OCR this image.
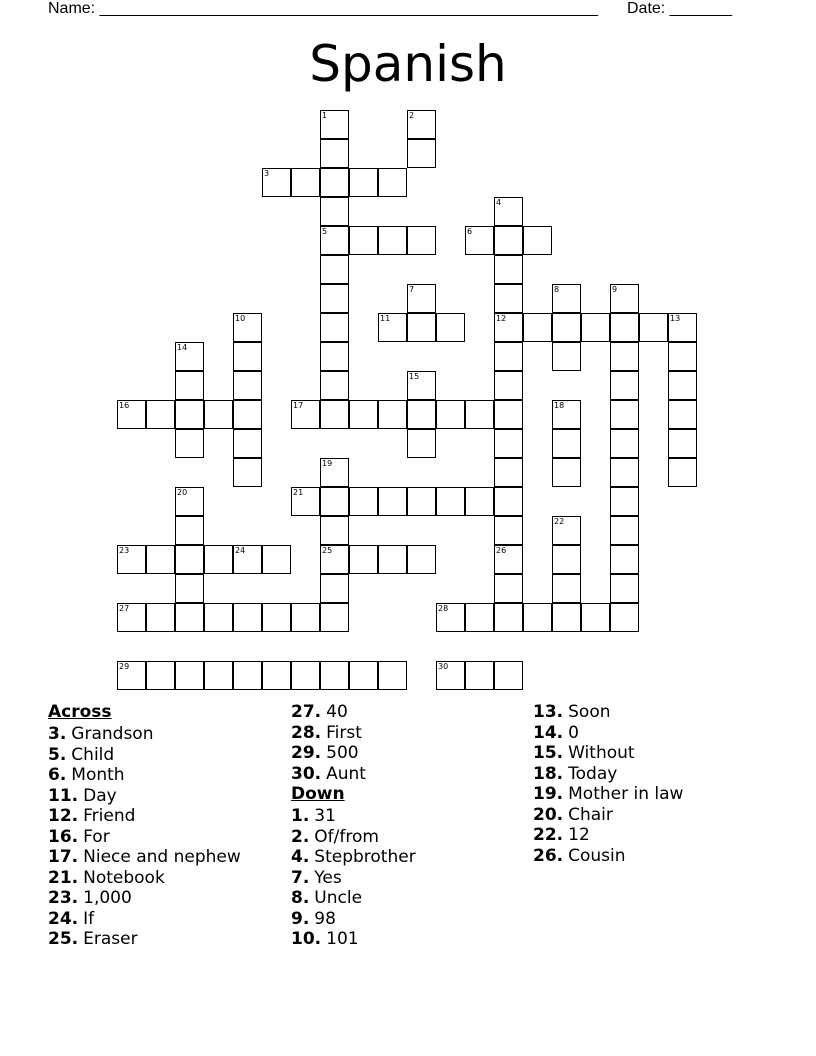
Name: ________________________________________________________ Date: _______
Spanish
1
5
2
3
4
12
26
6
7	8	9
10	11	13
14
15
16	17	18
19
25
20	21
22
23	24
27	28
29	30
Across
3. Grandson
5. Child
6. Month
11. Day
12. Friend
16. For
17. Niece and nephew
21. Notebook
23. 1,000
24. If
25. Eraser
27. 40
28. First
29. 500
30. Aunt
Down
1. 31
2. Of/from
4. Stepbrother
7. Yes
8. Uncle
9. 98
10. 101
13. Soon
14. 0
15. Without
18. Today
19. Mother in law
20. Chair
22. 12
26. Cousin
